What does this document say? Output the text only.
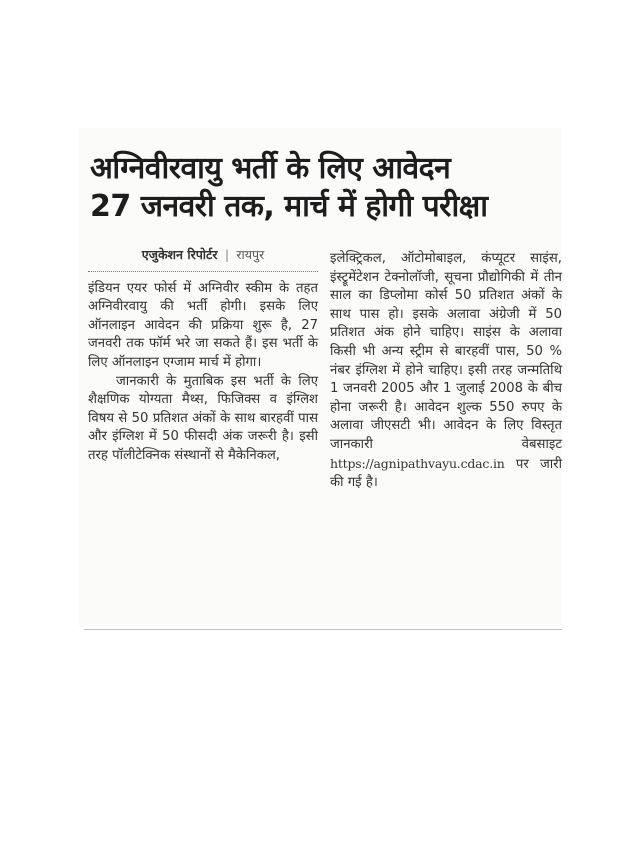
अग्निवीरवायु भर्ती के लिए आवेदन
27 जनवरी तक, मार्च में होगी परीक्षा
एजुकेशन रिपोर्टर | रायपुर

इंडियन एयर फोर्स में अग्निवीर स्कीम के तहत अग्निवीरवायु की भर्ती होगी। इसके लिए ऑनलाइन आवेदन की प्रक्रिया शुरू है, 27 जनवरी तक फॉर्म भरे जा सकते हैं। इस भर्ती के लिए ऑनलाइन एग्जाम मार्च में होगा।

जानकारी के मुताबिक इस भर्ती के लिए शैक्षणिक योग्यता मैथ्स, फिजिक्स व इंग्लिश विषय से 50 प्रतिशत अंकों के साथ बारहवीं पास और इंग्लिश में 50 फीसदी अंक जरूरी है। इसी तरह पॉलीटेक्निक संस्थानों से मैकेनिकल,

इलेक्ट्रिकल, ऑटोमोबाइल, कंप्यूटर साइंस, इंस्ट्रूमेंटेशन टेक्नोलॉजी, सूचना प्रौद्योगिकी में तीन साल का डिप्लोमा कोर्स 50 प्रतिशत अंकों के साथ पास हो। इसके अलावा अंग्रेजी में 50 प्रतिशत अंक होने चाहिए। साइंस के अलावा किसी भी अन्य स्ट्रीम से बारहवीं पास, 50 % नंबर इंग्लिश में होने चाहिए। इसी तरह जन्मतिथि 1 जनवरी 2005 और 1 जुलाई 2008 के बीच होना जरूरी है। आवेदन शुल्क 550 रुपए के अलावा जीएसटी भी। आवेदन के लिए विस्तृत जानकारी वेबसाइट https://agnipathvayu.cdac.in पर जारी की गई है।
